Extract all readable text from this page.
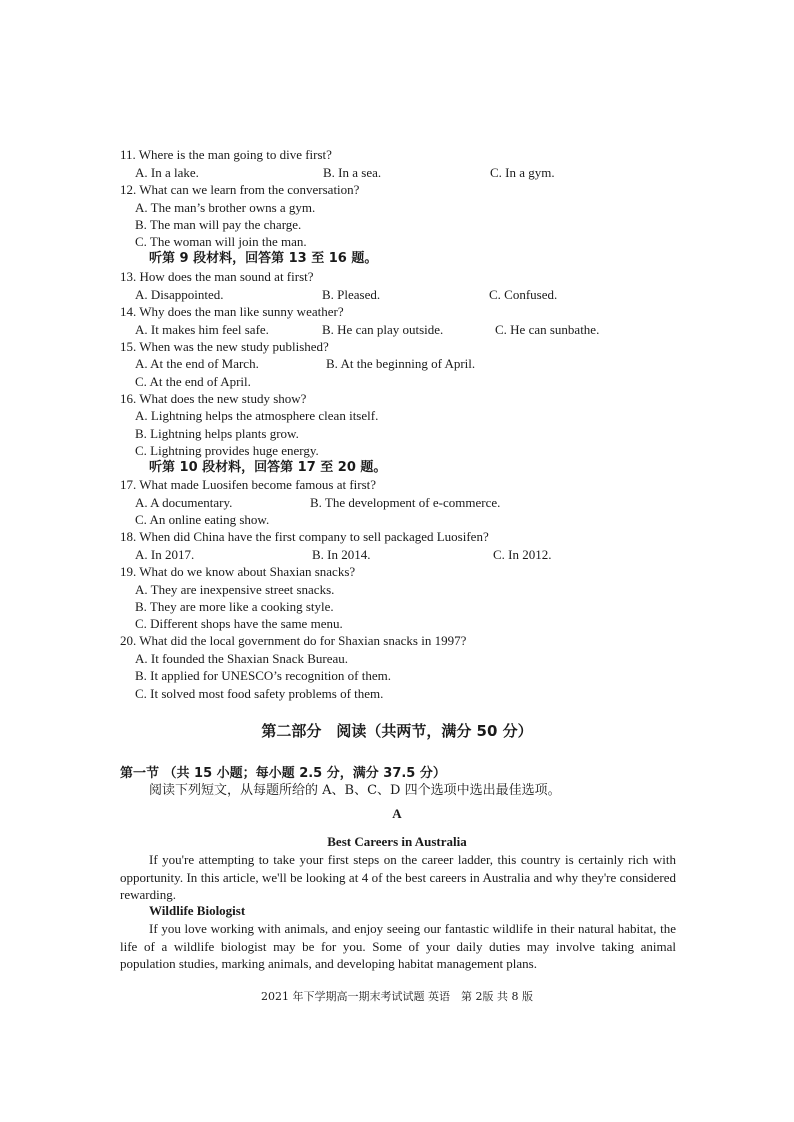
11. Where is the man going to dive first?
A. In a lake.	B. In a sea.	C. In a gym.
12. What can we learn from the conversation?
A. The man’s brother owns a gym.
B. The man will pay the charge.
C. The woman will join the man.
听第 9 段材料，回答第 13 至 16 题。
13. How does the man sound at first?
A. Disappointed.	B. Pleased.	C. Confused.
14. Why does the man like sunny weather?
A. It makes him feel safe.	B. He can play outside.	C. He can sunbathe.
15. When was the new study published?
A. At the end of March.	B. At the beginning of April.
C. At the end of April.
16. What does the new study show?
A. Lightning helps the atmosphere clean itself.
B. Lightning helps plants grow.
C. Lightning provides huge energy.
听第 10 段材料，回答第 17 至 20 题。
17. What made Luosifen become famous at first?
A. A documentary.	B. The development of e-commerce.
C. An online eating show.
18. When did China have the first company to sell packaged Luosifen?
A. In 2017.	B. In 2014.	C. In 2012.
19. What do we know about Shaxian snacks?
A. They are inexpensive street snacks.
B. They are more like a cooking style.
C. Different shops have the same menu.
20. What did the local government do for Shaxian snacks in 1997?
A. It founded the Shaxian Snack Bureau.
B. It applied for UNESCO’s recognition of them.
C. It solved most food safety problems of them.
第二部分　阅读（共两节，满分 50 分）
第一节 （共 15 小题；每小题 2.5 分，满分 37.5 分）
阅读下列短文，从每题所给的 A、B、C、D 四个选项中选出最佳选项。
A
Best Careers in Australia
If you're attempting to take your first steps on the career ladder, this country is certainly rich with opportunity. In this article, we'll be looking at 4 of the best careers in Australia and why they're considered rewarding.
Wildlife Biologist
If you love working with animals, and enjoy seeing our fantastic wildlife in their natural habitat, the life of a wildlife biologist may be for you. Some of your daily duties may involve taking animal population studies, marking animals, and developing habitat management plans.
2021 年下学期高一期末考试试题 英语　第 2版 共 8 版
